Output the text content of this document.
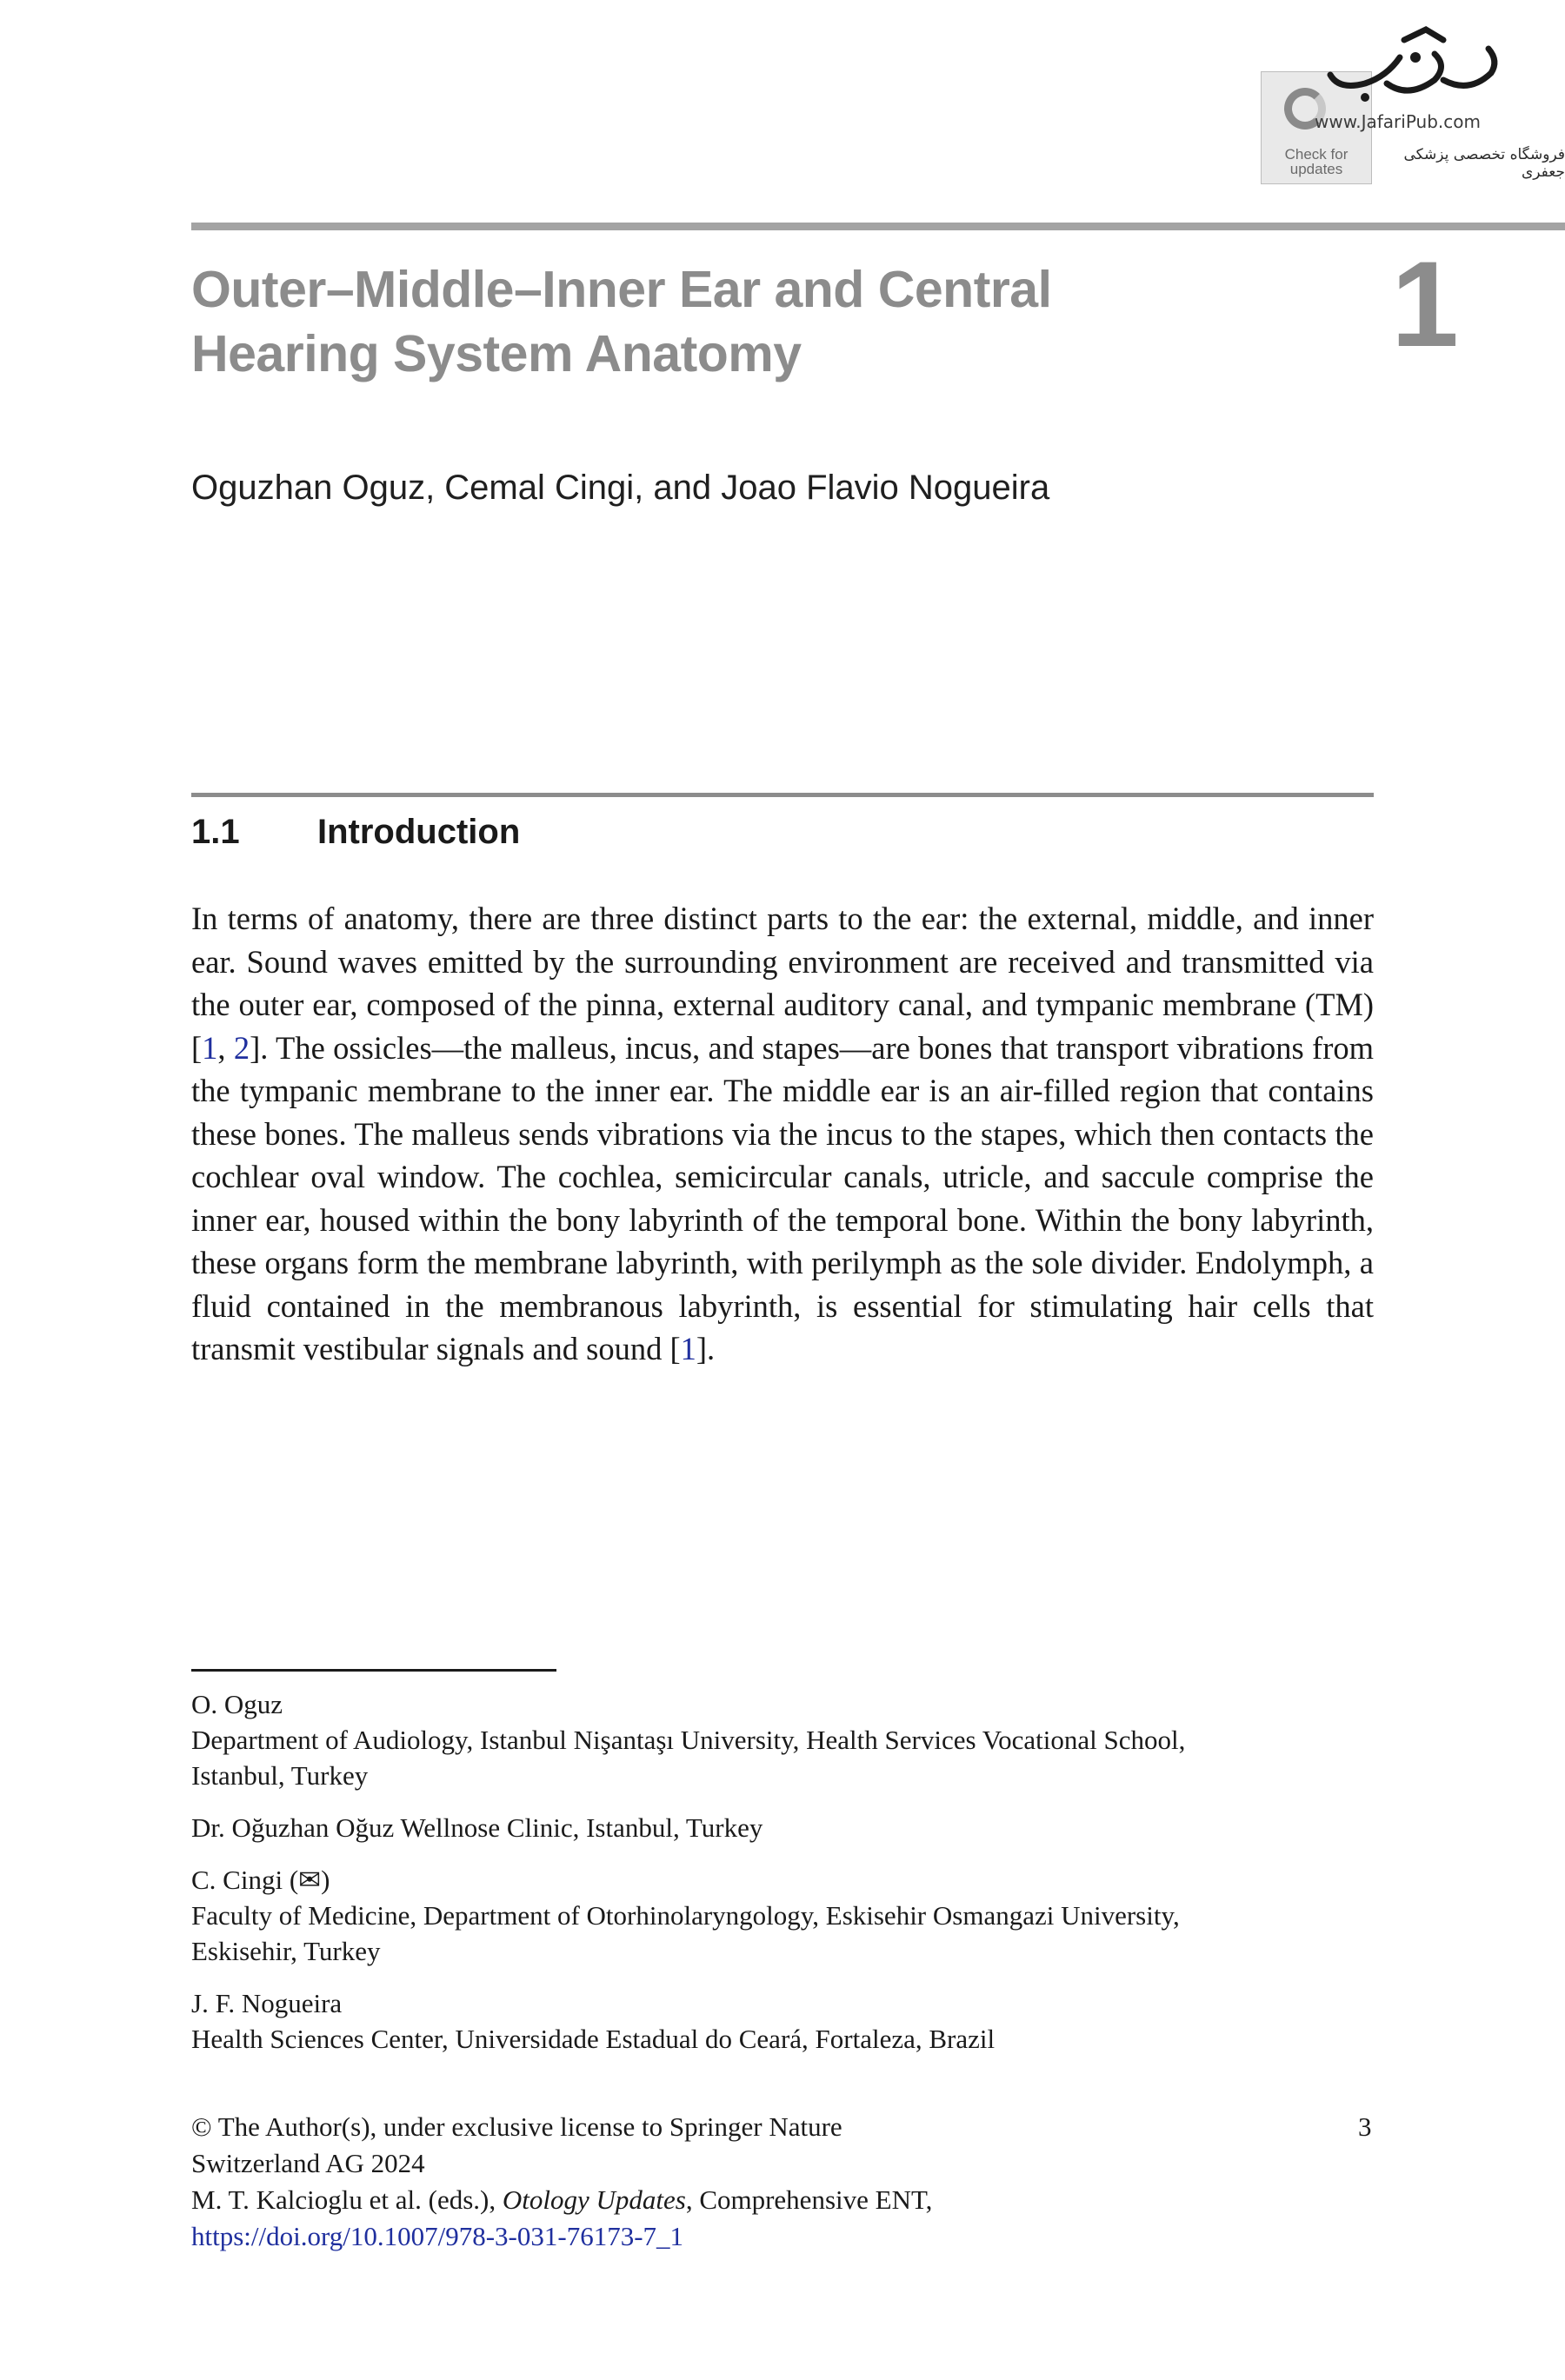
Check for updates
www.JafariPub.com
فروشگاه تخصصی پزشکی جعفری
Outer–Middle–Inner Ear and Central
Hearing System Anatomy	1
Oguzhan Oguz, Cemal Cingi, and Joao Flavio Nogueira
1.1 Introduction
In terms of anatomy, there are three distinct parts to the ear: the external, middle, and inner ear. Sound waves emitted by the surrounding environment are received and transmitted via the outer ear, composed of the pinna, external auditory canal, and tympanic membrane (TM) [1, 2]. The ossicles—the malleus, incus, and stapes—are bones that transport vibrations from the tympanic membrane to the inner ear. The middle ear is an air-filled region that contains these bones. The malleus sends vibrations via the incus to the stapes, which then contacts the cochlear oval window. The cochlea, semicircular canals, utricle, and saccule comprise the inner ear, housed within the bony labyrinth of the temporal bone. Within the bony labyrinth, these organs form the membrane labyrinth, with perilymph as the sole divider. Endolymph, a fluid contained in the membranous labyrinth, is essential for stimulating hair cells that transmit vestibular signals and sound [1].
O. Oguz
Department of Audiology, Istanbul Nişantaşı University, Health Services Vocational School,
Istanbul, Turkey
Dr. Oğuzhan Oğuz Wellnose Clinic, Istanbul, Turkey
C. Cingi (✉)
Faculty of Medicine, Department of Otorhinolaryngology, Eskisehir Osmangazi University,
Eskisehir, Turkey
J. F. Nogueira
Health Sciences Center, Universidade Estadual do Ceará, Fortaleza, Brazil
© The Author(s), under exclusive license to Springer Nature
Switzerland AG 2024
M. T. Kalcioglu et al. (eds.), Otology Updates, Comprehensive ENT,
https://doi.org/10.1007/978-3-031-76173-7_1
3
